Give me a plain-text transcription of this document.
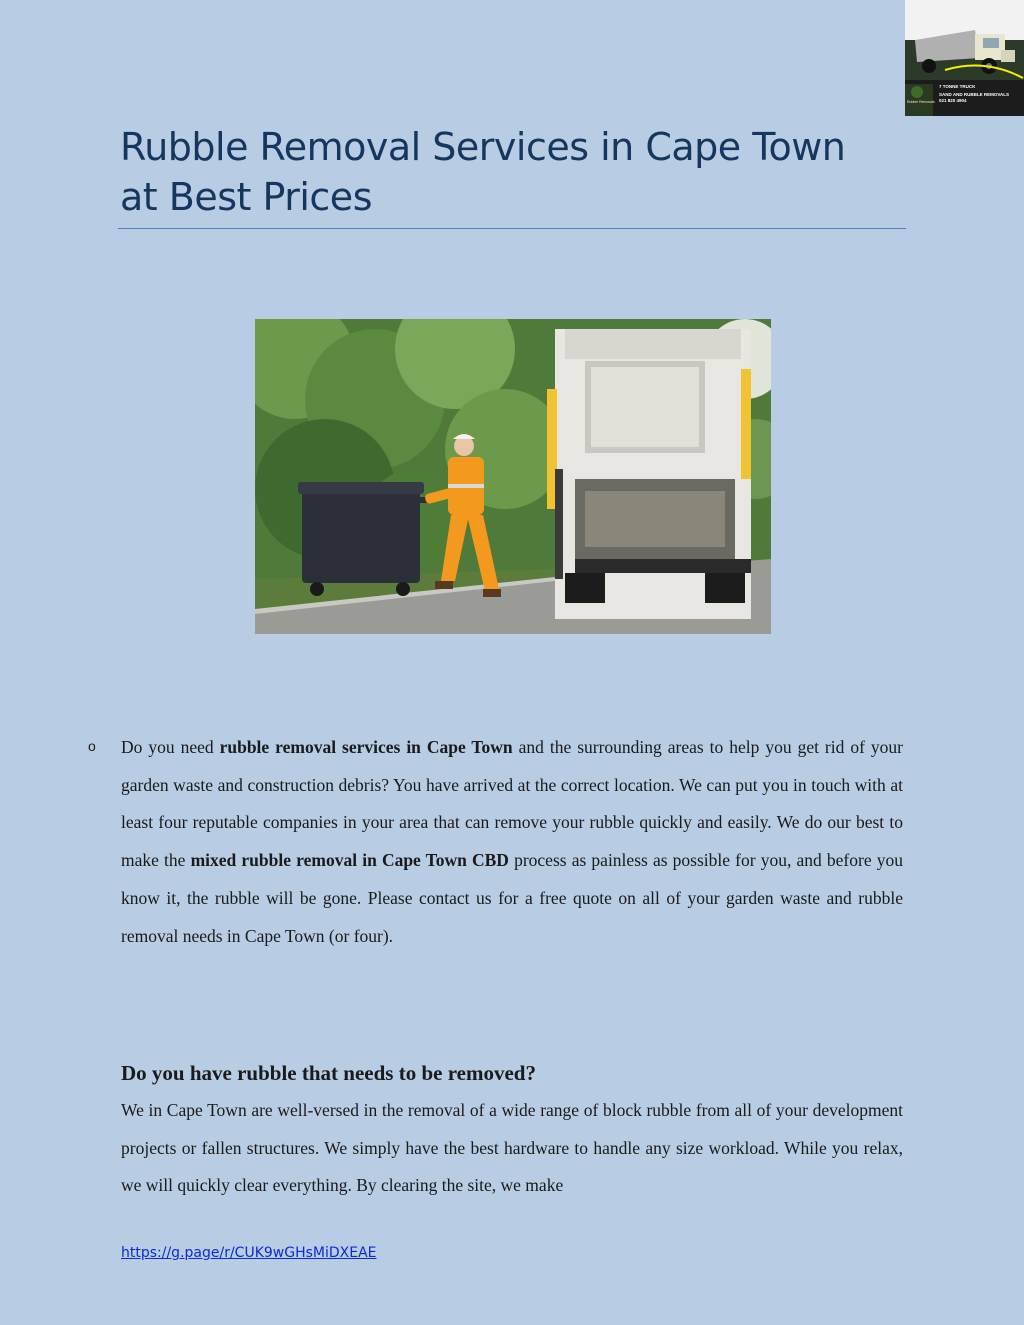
7 TONNE TRUCK
SAND AND RUBBLE REMOVALS
021 820 4904
Rubble Removals
Rubble Removal Services in Cape Town at Best Prices
o Do you need rubble removal services in Cape Town and the surrounding areas to help you get rid of your garden waste and construction debris? You have arrived at the correct location. We can put you in touch with at least four reputable companies in your area that can remove your rubble quickly and easily. We do our best to make the mixed rubble removal in Cape Town CBD process as painless as possible for you, and before you know it, the rubble will be gone. Please contact us for a free quote on all of your garden waste and rubble removal needs in Cape Town (or four).

Do you have rubble that needs to be removed?

We in Cape Town are well-versed in the removal of a wide range of block rubble from all of your development projects or fallen structures. We simply have the best hardware to handle any size workload. While you relax, we will quickly clear everything. By clearing the site, we make

https://g.page/r/CUK9wGHsMiDXEAE
